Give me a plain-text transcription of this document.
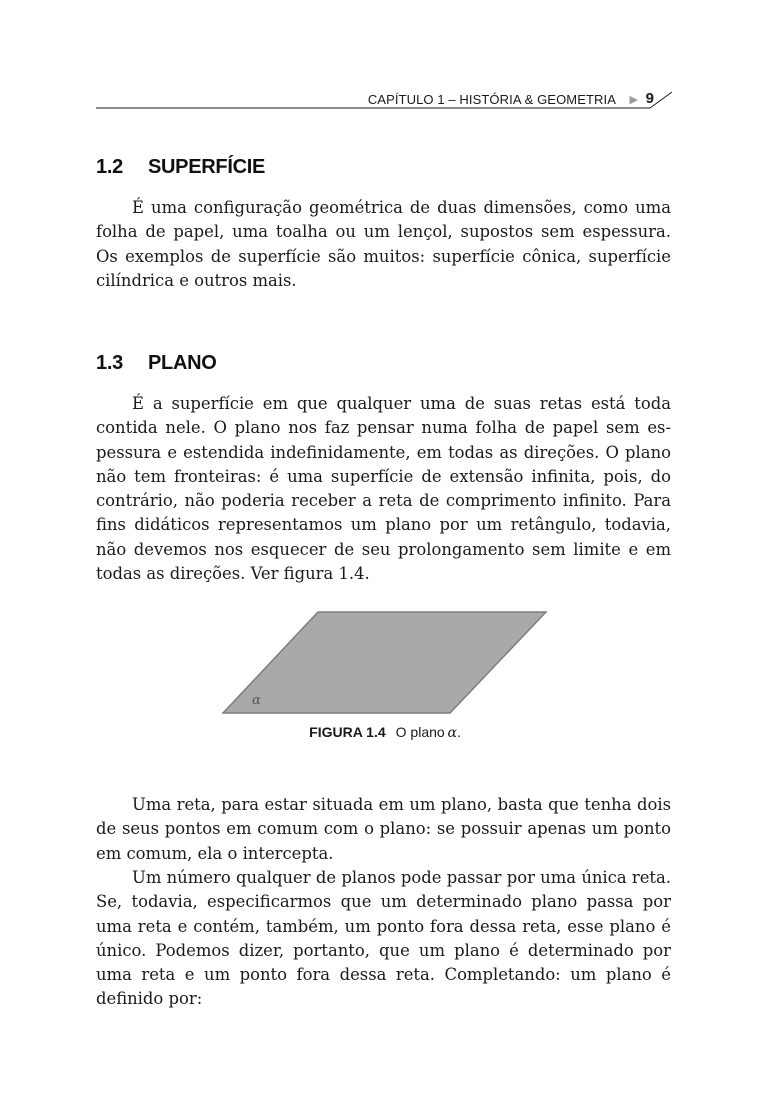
CAPÍTULO 1 – HISTÓRIA & GEOMETRIA ▶ 9
1.2 SUPERFÍCIE

É uma configuração geométrica de duas dimensões, como uma folha de papel, uma toalha ou um lençol, supostos sem espessura. Os exemplos de superfície são muitos: superfície cônica, superfície cilíndrica e outros mais.

1.3 PLANO

É a superfície em que qualquer uma de suas retas está toda contida nele. O plano nos faz pensar numa folha de papel sem espessura e estendida indefinidamente, em todas as direções. O plano não tem fronteiras: é uma superfície de extensão infinita, pois, do contrário, não poderia receber a reta de comprimento infinito. Para fins didáticos representamos um plano por um retângulo, todavia, não devemos nos esquecer de seu prolongamento sem limite e em todas as direções. Ver figura 1.4.

α
FIGURA 1.4 O plano  α.

Uma reta, para estar situada em um plano, basta que tenha dois de seus pontos em comum com o plano: se possuir apenas um ponto em comum, ela o intercepta.

Um número qualquer de planos pode passar por uma única reta. Se, todavia, especificarmos que um determinado plano passa por uma reta e contém, também, um ponto fora dessa reta, esse plano é único. Podemos dizer, portanto, que um plano é determinado por uma reta e um ponto fora dessa reta. Completando: um plano é definido por:
